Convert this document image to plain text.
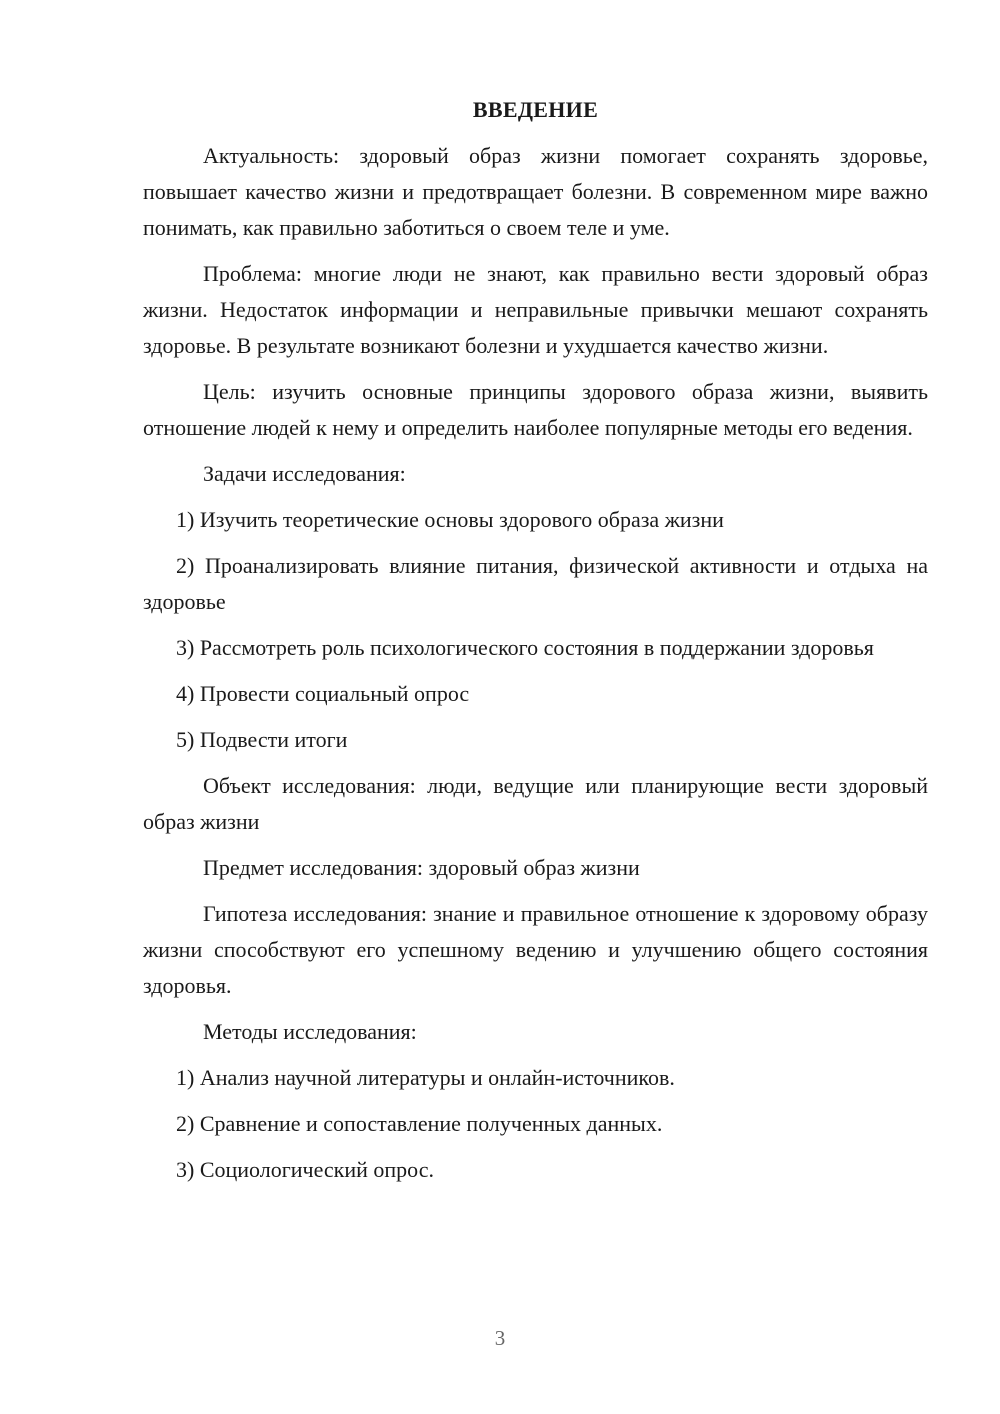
ВВЕДЕНИЕ

Актуальность: здоровый образ жизни помогает сохранять здоровье, повышает качество жизни и предотвращает болезни. В современном мире важно понимать, как правильно заботиться о своем теле и уме.

Проблема: многие люди не знают, как правильно вести здоровый образ жизни. Недостаток информации и неправильные привычки мешают сохранять здоровье. В результате возникают болезни и ухудшается качество жизни.

Цель: изучить основные принципы здорового образа жизни, выявить отношение людей к нему и определить наиболее популярные методы его ведения.

Задачи исследования:

1) Изучить теоретические основы здорового образа жизни

2) Проанализировать влияние питания, физической активности и отдыха на здоровье

3) Рассмотреть роль психологического состояния в поддержании здоровья

4) Провести социальный опрос

5) Подвести итоги

Объект исследования: люди, ведущие или планирующие вести здоровый образ жизни

Предмет исследования: здоровый образ жизни

Гипотеза исследования: знание и правильное отношение к здоровому образу жизни способствуют его успешному ведению и улучшению общего состояния здоровья.

Методы исследования:

1) Анализ научной литературы и онлайн-источников.

2) Сравнение и сопоставление полученных данных.

3) Социологический опрос.

3
